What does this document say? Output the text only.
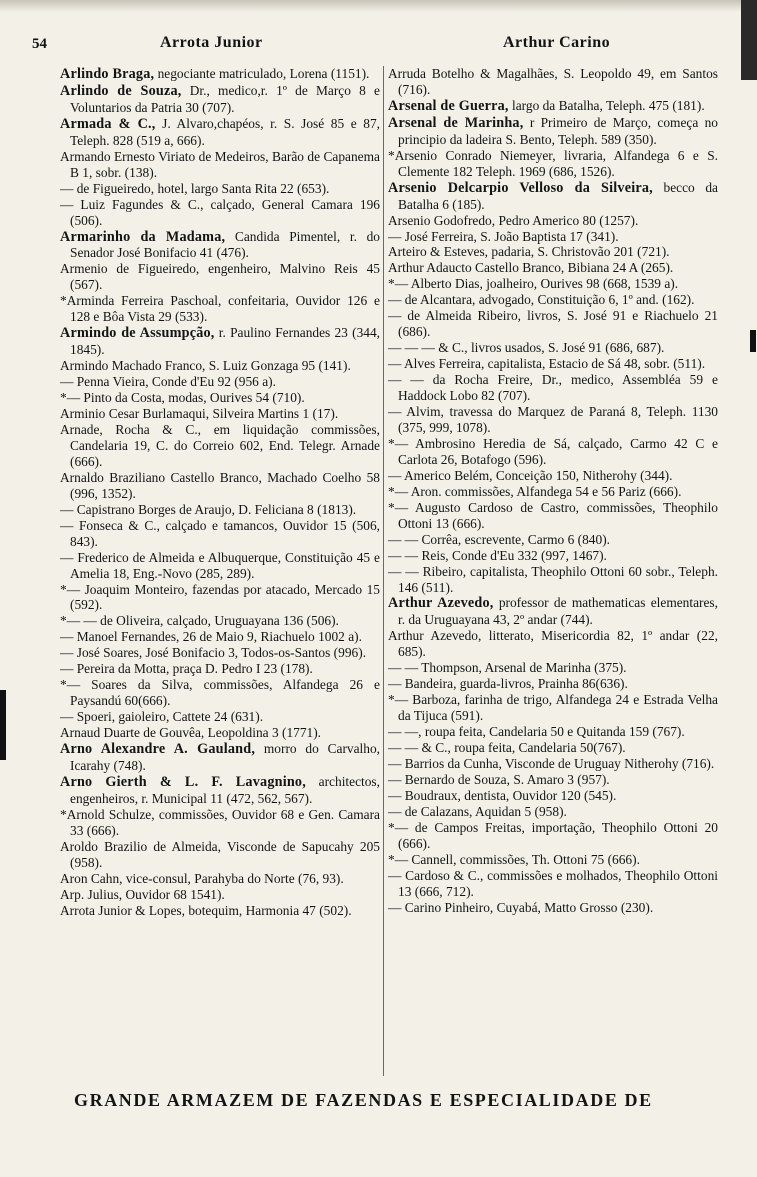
54	Arrota Junior	Arthur Carino

Arlindo Braga, negociante matriculado, Lorena (1151).

Arlindo de Souza, Dr., medico,r. 1º de Março 8 e Voluntarios da Patria 30 (707).

Armada & C., J. Alvaro,chapéos, r. S. José 85 e 87, Teleph. 828 (519 a, 666).

Armando Ernesto Viriato de Medeiros, Barão de Capanema B 1, sobr. (138).

— de Figueiredo, hotel, largo Santa Rita 22 (653).

— Luiz Fagundes & C., calçado, General Camara 196 (506).

Armarinho da Madama, Candida Pimentel, r. do Senador José Bonifacio 41 (476).

Armenio de Figueiredo, engenheiro, Malvino Reis 45 (567).

*Arminda Ferreira Paschoal, confeitaria, Ouvidor 126 e 128 e Bôa Vista 29 (533).

Armindo de Assumpção, r. Paulino Fernandes 23 (344, 1845).

Armindo Machado Franco, S. Luiz Gonzaga 95 (141).

— Penna Vieira, Conde d'Eu 92 (956 a).

*— Pinto da Costa, modas, Ourives 54 (710).

Arminio Cesar Burlamaqui, Silveira Martins 1 (17).

Arnade, Rocha & C., em liquidação commissões, Candelaria 19, C. do Correio 602, End. Telegr. Arnade (666).

Arnaldo Braziliano Castello Branco, Machado Coelho 58 (996, 1352).

— Capistrano Borges de Araujo, D. Feliciana 8 (1813).

— Fonseca & C., calçado e tamancos, Ouvidor 15 (506, 843).

— Frederico de Almeida e Albuquerque, Constituição 45 e Amelia 18, Eng.-Novo (285, 289).

*— Joaquim Monteiro, fazendas por atacado, Mercado 15 (592).

*— — de Oliveira, calçado, Uruguayana 136 (506).

— Manoel Fernandes, 26 de Maio 9, Riachuelo 1002 a).

— José Soares, José Bonifacio 3, Todos-os-Santos (996).

— Pereira da Motta, praça D. Pedro I 23 (178).

*— Soares da Silva, commissões, Alfandega 26 e Paysandú 60(666).

— Spoeri, gaioleiro, Cattete 24 (631).

Arnaud Duarte de Gouvêa, Leopoldina 3 (1771).

Arno Alexandre A. Gauland, morro do Carvalho, Icarahy (748).

Arno Gierth & L. F. Lavagnino, architectos, engenheiros, r. Municipal 11 (472, 562, 567).

*Arnold Schulze, commissões, Ouvidor 68 e Gen. Camara 33 (666).

Aroldo Brazilio de Almeida, Visconde de Sapucahy 205 (958).

Aron Cahn, vice-consul, Parahyba do Norte (76, 93).

Arp. Julius, Ouvidor 68 1541).

Arrota Junior & Lopes, botequim, Harmonia 47 (502).

Arruda Botelho & Magalhães, S. Leopoldo 49, em Santos (716).

Arsenal de Guerra, largo da Batalha, Teleph. 475 (181).

Arsenal de Marinha, r Primeiro de Março, começa no principio da ladeira S. Bento, Teleph. 589 (350).

*Arsenio Conrado Niemeyer, livraria, Alfandega 6 e S. Clemente 182 Teleph. 1969 (686, 1526).

Arsenio Delcarpio Velloso da Silveira, becco da Batalha 6 (185).

Arsenio Godofredo, Pedro Americo 80 (1257).

— José Ferreira, S. João Baptista 17 (341).

Arteiro & Esteves, padaria, S. Christovão 201 (721).

Arthur Adaucto Castello Branco, Bibiana 24 A (265).

*— Alberto Dias, joalheiro, Ourives 98 (668, 1539 a).

— de Alcantara, advogado, Constituição 6, 1º and. (162).

— de Almeida Ribeiro, livros, S. José 91 e Riachuelo 21 (686).

— — — & C., livros usados, S. José 91 (686, 687).

— Alves Ferreira, capitalista, Estacio de Sá 48, sobr. (511).

— — da Rocha Freire, Dr., medico, Assembléa 59 e Haddock Lobo 82 (707).

— Alvim, travessa do Marquez de Paraná 8, Teleph. 1130 (375, 999, 1078).

*— Ambrosino Heredia de Sá, calçado, Carmo 42 C e Carlota 26, Botafogo (596).

— Americo Belém, Conceição 150, Nitherohy (344).

*— Aron. commissões, Alfandega 54 e 56 Pariz (666).

*— Augusto Cardoso de Castro, commissões, Theophilo Ottoni 13 (666).

— — Corrêa, escrevente, Carmo 6 (840).

— — Reis, Conde d'Eu 332 (997, 1467).

— — Ribeiro, capitalista, Theophilo Ottoni 60 sobr., Teleph. 146 (511).

Arthur Azevedo, professor de mathematicas elementares, r. da Uruguayana 43, 2º andar (744).

Arthur Azevedo, litterato, Misericordia 82, 1º andar (22, 685).

— — Thompson, Arsenal de Marinha (375).

— Bandeira, guarda-livros, Prainha 86(636).

*— Barboza, farinha de trigo, Alfandega 24 e Estrada Velha da Tijuca (591).

— —, roupa feita, Candelaria 50 e Quitanda 159 (767).

— — & C., roupa feita, Candelaria 50(767).

— Barrios da Cunha, Visconde de Uruguay Nitherohy (716).

— Bernardo de Souza, S. Amaro 3 (957).

— Boudraux, dentista, Ouvidor 120 (545).

— de Calazans, Aquidan 5 (958).

*— de Campos Freitas, importação, Theophilo Ottoni 20 (666).

*— Cannell, commissões, Th. Ottoni 75 (666).

— Cardoso & C., commissões e molhados, Theophilo Ottoni 13 (666, 712).

— Carino Pinheiro, Cuyabá, Matto Grosso (230).

GRANDE ARMAZEM DE FAZENDAS E ESPECIALIDADE DE
